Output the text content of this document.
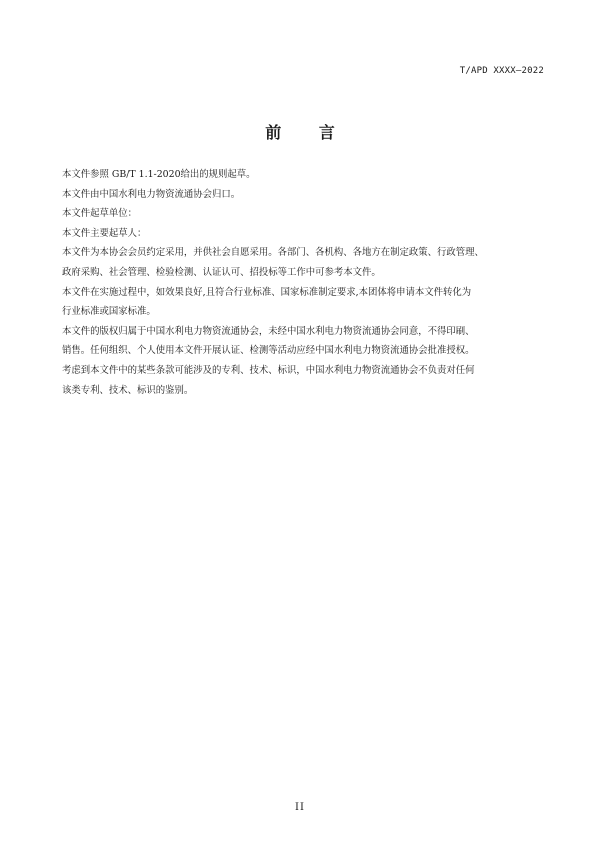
T/APD XXXX—2022
前 言

本文件参照 GB/T 1.1-2020给出的规则起草。

本文件由中国水利电力物资流通协会归口。

本文件起草单位：

本文件主要起草人：

本文件为本协会会员约定采用，并供社会自愿采用。各部门、各机构、各地方在制定政策、行政管理、
政府采购、社会管理、检验检测、认证认可、招投标等工作中可参考本文件。

本文件在实施过程中，如效果良好,且符合行业标准、国家标准制定要求,本团体将申请本文件转化为
行业标准或国家标准。

本文件的版权归属于中国水利电力物资流通协会，未经中国水利电力物资流通协会同意，不得印刷、
销售。任何组织、个人使用本文件开展认证、检测等活动应经中国水利电力物资流通协会批准授权。

考虑到本文件中的某些条款可能涉及的专利、技术、标识，中国水利电力物资流通协会不负责对任何
该类专利、技术、标识的鉴别。

II
